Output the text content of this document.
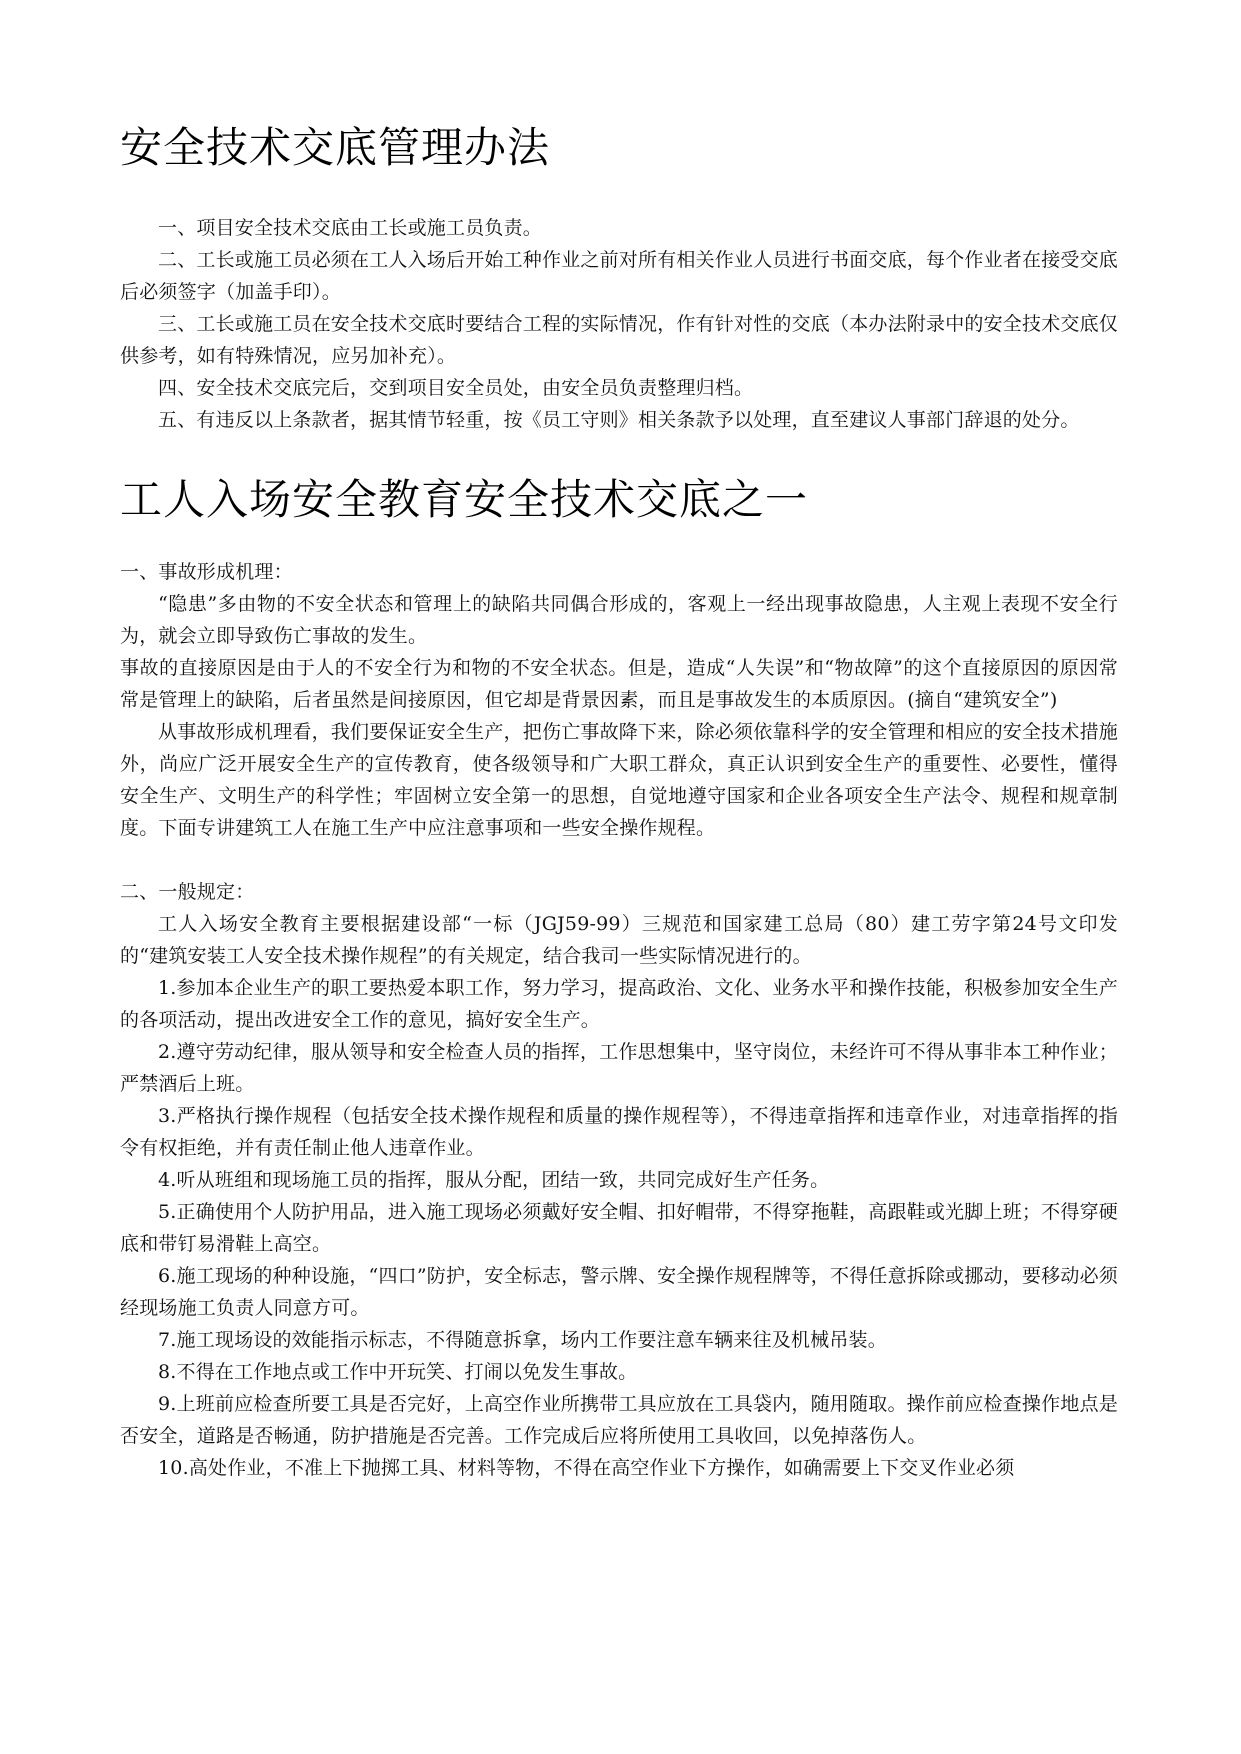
安全技术交底管理办法

一、项目安全技术交底由工长或施工员负责。

二、工长或施工员必须在工人入场后开始工种作业之前对所有相关作业人员进行书面交底，每个作业者在接受交底后必须签字（加盖手印）。

三、工长或施工员在安全技术交底时要结合工程的实际情况，作有针对性的交底（本办法附录中的安全技术交底仅供参考，如有特殊情况，应另加补充）。

四、安全技术交底完后，交到项目安全员处，由安全员负责整理归档。

五、有违反以上条款者，据其情节轻重，按《员工守则》相关条款予以处理，直至建议人事部门辞退的处分。

工人入场安全教育安全技术交底之一

一、事故形成机理：

“隐患”多由物的不安全状态和管理上的缺陷共同偶合形成的，客观上一经出现事故隐患，人主观上表现不安全行为，就会立即导致伤亡事故的发生。

事故的直接原因是由于人的不安全行为和物的不安全状态。但是，造成“人失误”和“物故障”的这个直接原因的原因常常是管理上的缺陷，后者虽然是间接原因，但它却是背景因素，而且是事故发生的本质原因。(摘自“建筑安全”)

从事故形成机理看，我们要保证安全生产，把伤亡事故降下来，除必须依靠科学的安全管理和相应的安全技术措施外，尚应广泛开展安全生产的宣传教育，使各级领导和广大职工群众，真正认识到安全生产的重要性、必要性，懂得安全生产、文明生产的科学性；牢固树立安全第一的思想，自觉地遵守国家和企业各项安全生产法令、规程和规章制度。下面专讲建筑工人在施工生产中应注意事项和一些安全操作规程。

二、一般规定：

工人入场安全教育主要根据建设部“一标（JGJ59-99）三规范和国家建工总局（80）建工劳字第24号文印发的“建筑安装工人安全技术操作规程”的有关规定，结合我司一些实际情况进行的。

1.参加本企业生产的职工要热爱本职工作，努力学习，提高政治、文化、业务水平和操作技能，积极参加安全生产的各项活动，提出改进安全工作的意见，搞好安全生产。

2.遵守劳动纪律，服从领导和安全检查人员的指挥，工作思想集中，坚守岗位，未经许可不得从事非本工种作业；严禁酒后上班。

3.严格执行操作规程（包括安全技术操作规程和质量的操作规程等），不得违章指挥和违章作业，对违章指挥的指令有权拒绝，并有责任制止他人违章作业。

4.听从班组和现场施工员的指挥，服从分配，团结一致，共同完成好生产任务。

5.正确使用个人防护用品，进入施工现场必须戴好安全帽、扣好帽带，不得穿拖鞋，高跟鞋或光脚上班；不得穿硬底和带钉易滑鞋上高空。

6.施工现场的种种设施，“四口”防护，安全标志，警示牌、安全操作规程牌等，不得任意拆除或挪动，要移动必须经现场施工负责人同意方可。

7.施工现场设的效能指示标志，不得随意拆拿，场内工作要注意车辆来往及机械吊装。

8.不得在工作地点或工作中开玩笑、打闹以免发生事故。

9.上班前应检查所要工具是否完好，上高空作业所携带工具应放在工具袋内，随用随取。操作前应检查操作地点是否安全，道路是否畅通，防护措施是否完善。工作完成后应将所使用工具收回，以免掉落伤人。

10.高处作业，不准上下抛掷工具、材料等物，不得在高空作业下方操作，如确需要上下交叉作业必须
